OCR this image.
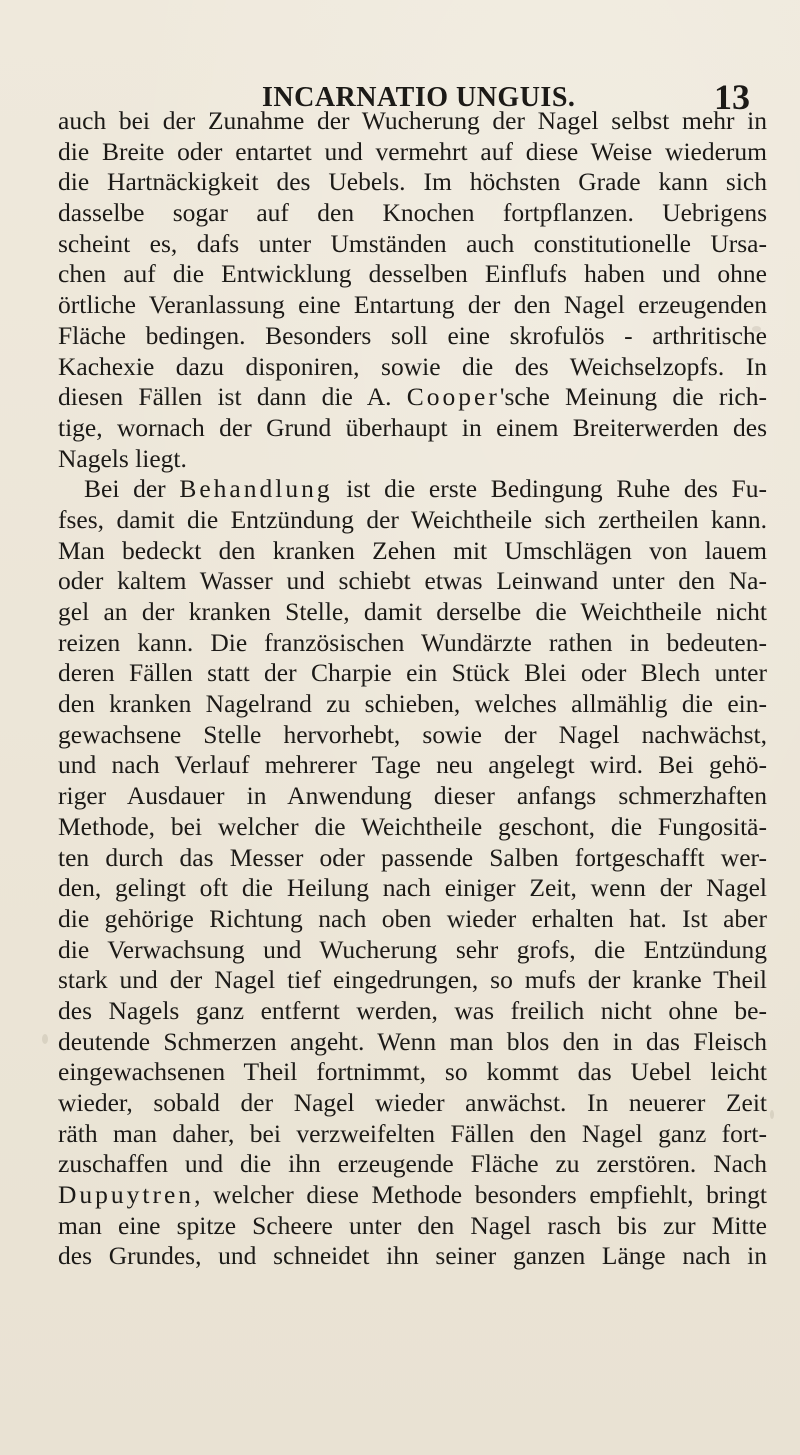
INCARNATIO UNGUIS.	13
auch bei der Zunahme der Wucherung der Nagel selbst mehr in
die Breite oder entartet und vermehrt auf diese Weise wiederum
die Hartnäckigkeit des Uebels. Im höchsten Grade kann sich
dasselbe sogar auf den Knochen fortpflanzen. Uebrigens
scheint es, dafs unter Umständen auch constitutionelle Ursa-
chen auf die Entwicklung desselben Einflufs haben und ohne
örtliche Veranlassung eine Entartung der den Nagel erzeugenden
Fläche bedingen. Besonders soll eine skrofulös - arthritische
Kachexie dazu disponiren, sowie die des Weichselzopfs. In
diesen Fällen ist dann die A. Cooper'sche Meinung die rich-
tige, wornach der Grund überhaupt in einem Breiterwerden des
Nagels liegt.
Bei der Behandlung ist die erste Bedingung Ruhe des Fu-
fses, damit die Entzündung der Weichtheile sich zertheilen kann.
Man bedeckt den kranken Zehen mit Umschlägen von lauem
oder kaltem Wasser und schiebt etwas Leinwand unter den Na-
gel an der kranken Stelle, damit derselbe die Weichtheile nicht
reizen kann. Die französischen Wundärzte rathen in bedeuten-
deren Fällen statt der Charpie ein Stück Blei oder Blech unter
den kranken Nagelrand zu schieben, welches allmählig die ein-
gewachsene Stelle hervorhebt, sowie der Nagel nachwächst,
und nach Verlauf mehrerer Tage neu angelegt wird. Bei gehö-
riger Ausdauer in Anwendung dieser anfangs schmerzhaften
Methode, bei welcher die Weichtheile geschont, die Fungositä-
ten durch das Messer oder passende Salben fortgeschafft wer-
den, gelingt oft die Heilung nach einiger Zeit, wenn der Nagel
die gehörige Richtung nach oben wieder erhalten hat. Ist aber
die Verwachsung und Wucherung sehr grofs, die Entzündung
stark und der Nagel tief eingedrungen, so mufs der kranke Theil
des Nagels ganz entfernt werden, was freilich nicht ohne be-
deutende Schmerzen angeht. Wenn man blos den in das Fleisch
eingewachsenen Theil fortnimmt, so kommt das Uebel leicht
wieder, sobald der Nagel wieder anwächst. In neuerer Zeit
räth man daher, bei verzweifelten Fällen den Nagel ganz fort-
zuschaffen und die ihn erzeugende Fläche zu zerstören. Nach
Dupuytren, welcher diese Methode besonders empfiehlt, bringt
man eine spitze Scheere unter den Nagel rasch bis zur Mitte
des Grundes, und schneidet ihn seiner ganzen Länge nach in
